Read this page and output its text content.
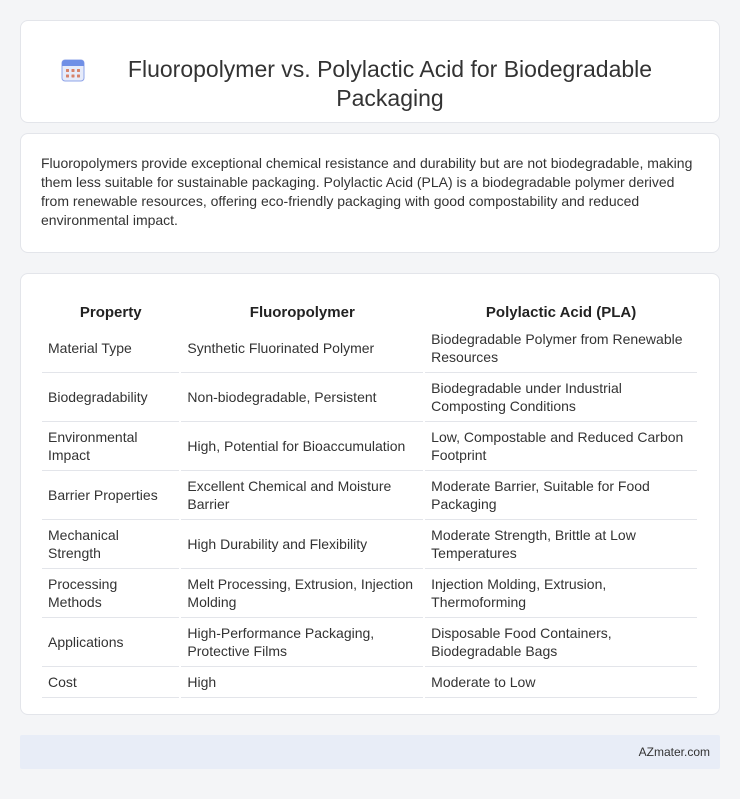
Fluoropolymer vs. Polylactic Acid for Biodegradable Packaging

Fluoropolymers provide exceptional chemical resistance and durability but are not biodegradable, making them less suitable for sustainable packaging. Polylactic Acid (PLA) is a biodegradable polymer derived from renewable resources, offering eco-friendly packaging with good compostability and reduced environmental impact.

Property	Fluoropolymer	Polylactic Acid (PLA)
Material Type	Synthetic Fluorinated Polymer	Biodegradable Polymer from Renewable Resources
Biodegradability	Non-biodegradable, Persistent	Biodegradable under Industrial Composting Conditions
Environmental Impact	High, Potential for Bioaccumulation	Low, Compostable and Reduced Carbon Footprint
Barrier Properties	Excellent Chemical and Moisture Barrier	Moderate Barrier, Suitable for Food Packaging
Mechanical Strength	High Durability and Flexibility	Moderate Strength, Brittle at Low Temperatures
Processing Methods	Melt Processing, Extrusion, Injection Molding	Injection Molding, Extrusion, Thermoforming
Applications	High-Performance Packaging, Protective Films	Disposable Food Containers, Biodegradable Bags
Cost	High	Moderate to Low
AZmater.com
